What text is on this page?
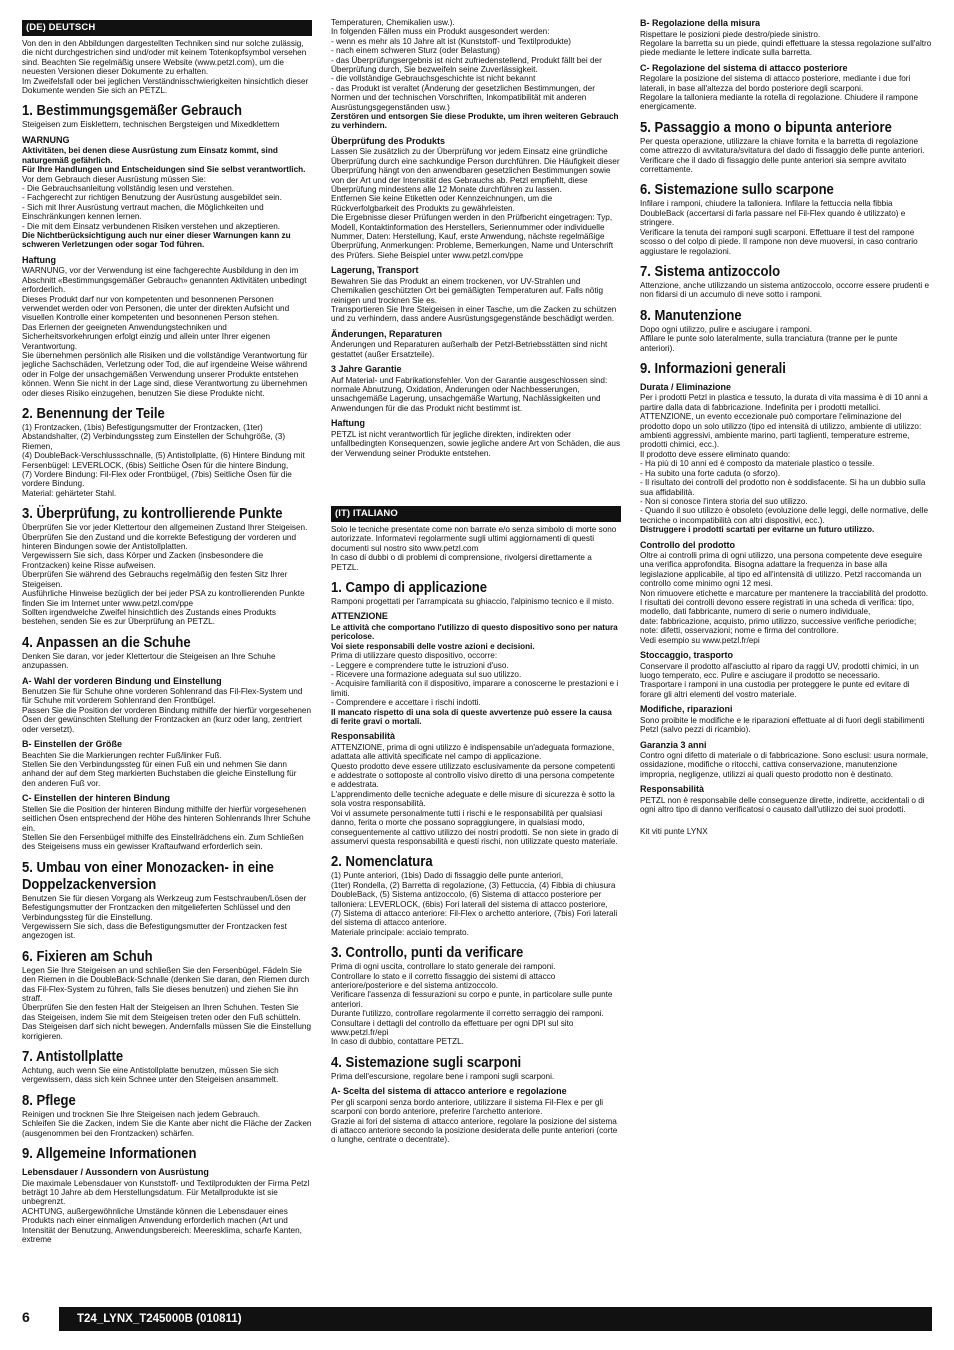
(DE) DEUTSCH

Von den in den Abbildungen dargestellten Techniken sind nur solche zulässig, die nicht durchgestrichen sind und/oder mit keinem Totenkopfsymbol versehen sind. Beachten Sie regelmäßig unsere Website (www.petzl.com), um die neuesten Versionen dieser Dokumente zu erhalten.

Im Zweifelsfall oder bei jeglichen Verständnisschwierigkeiten hinsichtlich dieser Dokumente wenden Sie sich an PETZL.

1. Bestimmungsgemäßer Gebrauch

Steigeisen zum Eisklettern, technischen Bergsteigen und Mixedklettern

WARNUNG

Aktivitäten, bei denen diese Ausrüstung zum Einsatz kommt, sind naturgemäß gefährlich.

Für Ihre Handlungen und Entscheidungen sind Sie selbst verantwortlich.

Vor dem Gebrauch dieser Ausrüstung müssen Sie:
- Die Gebrauchsanleitung vollständig lesen und verstehen.
- Fachgerecht zur richtigen Benutzung der Ausrüstung ausgebildet sein.
- Sich mit Ihrer Ausrüstung vertraut machen, die Möglichkeiten und Einschränkungen kennen lernen.
- Die mit dem Einsatz verbundenen Risiken verstehen und akzeptieren.

Die Nichtberücksichtigung auch nur einer dieser Warnungen kann zu schweren Verletzungen oder sogar Tod führen.

Haftung

WARNUNG, vor der Verwendung ist eine fachgerechte Ausbildung in den im Abschnitt «Bestimmungsgemäßer Gebrauch» genannten Aktivitäten unbedingt erforderlich.
Dieses Produkt darf nur von kompetenten und besonnenen Personen verwendet werden oder von Personen, die unter der direkten Aufsicht und visuellen Kontrolle einer kompetenten und besonnenen Person stehen.
Das Erlernen der geeigneten Anwendungstechniken und Sicherheitsvorkehrungen erfolgt einzig und allein unter Ihrer eigenen Verantwortung.
Sie übernehmen persönlich alle Risiken und die vollständige Verantwortung für jegliche Sachschäden, Verletzung oder Tod, die auf irgendeine Weise während oder in Folge der unsachgemäßen Verwendung unserer Produkte entstehen können. Wenn Sie nicht in der Lage sind, diese Verantwortung zu übernehmen oder dieses Risiko einzugehen, benutzen Sie diese Produkte nicht.

2. Benennung der Teile

(1) Frontzacken, (1bis) Befestigungsmutter der Frontzacken, (1ter) Abstandshalter, (2) Verbindungssteg zum Einstellen der Schuhgröße, (3) Riemen,
(4) DoubleBack-Verschlussschnalle, (5) Antistollplatte, (6) Hintere Bindung mit Fersenbügel: LEVERLOCK, (6bis) Seitliche Ösen für die hintere Bindung,
(7) Vordere Bindung: Fil-Flex oder Frontbügel, (7bis) Seitliche Ösen für die vordere Bindung.
Material: gehärteter Stahl.

3. Überprüfung, zu kontrollierende Punkte

Überprüfen Sie vor jeder Klettertour den allgemeinen Zustand Ihrer Steigeisen.
Überprüfen Sie den Zustand und die korrekte Befestigung der vorderen und hinteren Bindungen sowie der Antistollplatten.
Vergewissern Sie sich, dass Körper und Zacken (insbesondere die Frontzacken) keine Risse aufweisen.
Überprüfen Sie während des Gebrauchs regelmäßig den festen Sitz Ihrer Steigeisen.
Ausführliche Hinweise bezüglich der bei jeder PSA zu kontrollierenden Punkte finden Sie im Internet unter www.petzl.com/ppe
Sollten irgendwelche Zweifel hinsichtlich des Zustands eines Produkts bestehen, senden Sie es zur Überprüfung an PETZL.

4. Anpassen an die Schuhe

Denken Sie daran, vor jeder Klettertour die Steigeisen an Ihre Schuhe anzupassen.

A- Wahl der vorderen Bindung und Einstellung

Benutzen Sie für Schuhe ohne vorderen Sohlenrand das Fil-Flex-System und für Schuhe mit vorderem Sohlenrand den Frontbügel.
Passen Sie die Position der vorderen Bindung mithilfe der hierfür vorgesehenen Ösen der gewünschten Stellung der Frontzacken an (kurz oder lang, zentriert oder versetzt).

B- Einstellen der Größe

Beachten Sie die Markierungen rechter Fuß/linker Fuß.
Stellen Sie den Verbindungssteg für einen Fuß ein und nehmen Sie dann anhand der auf dem Steg markierten Buchstaben die gleiche Einstellung für den anderen Fuß vor.

C- Einstellen der hinteren Bindung

Stellen Sie die Position der hinteren Bindung mithilfe der hierfür vorgesehenen seitlichen Ösen entsprechend der Höhe des hinteren Sohlenrands Ihrer Schuhe ein.
Stellen Sie den Fersenbügel mithilfe des Einstellrädchens ein. Zum Schließen des Steigeisens muss ein gewisser Kraftaufwand erforderlich sein.

5. Umbau von einer Monozacken- in eine Doppelzackenversion

Benutzen Sie für diesen Vorgang als Werkzeug zum Festschrauben/Lösen der Befestigungsmutter der Frontzacken den mitgelieferten Schlüssel und den Verbindungssteg für die Einstellung.
Vergewissern Sie sich, dass die Befestigungsmutter der Frontzacken fest angezogen ist.

6. Fixieren am Schuh

Legen Sie Ihre Steigeisen an und schließen Sie den Fersenbügel. Fädeln Sie den Riemen in die DoubleBack-Schnalle (denken Sie daran, den Riemen durch das Fil-Flex-System zu führen, falls Sie dieses benutzen) und ziehen Sie ihn straff.
Überprüfen Sie den festen Halt der Steigeisen an Ihren Schuhen. Testen Sie das Steigeisen, indem Sie mit dem Steigeisen treten oder den Fuß schütteln. Das Steigeisen darf sich nicht bewegen. Andernfalls müssen Sie die Einstellung korrigieren.

7. Antistollplatte

Achtung, auch wenn Sie eine Antistollplatte benutzen, müssen Sie sich vergewissern, dass sich kein Schnee unter den Steigeisen ansammelt.

8. Pflege

Reinigen und trocknen Sie Ihre Steigeisen nach jedem Gebrauch.
Schleifen Sie die Zacken, indem Sie die Kante aber nicht die Fläche der Zacken (ausgenommen bei den Frontzacken) schärfen.

9. Allgemeine Informationen
Lebensdauer / Aussondern von Ausrüstung

Die maximale Lebensdauer von Kunststoff- und Textilprodukten der Firma Petzl beträgt 10 Jahre ab dem Herstellungsdatum. Für Metallprodukte ist sie unbegrenzt.
ACHTUNG, außergewöhnliche Umstände können die Lebensdauer eines Produkts nach einer einmaligen Anwendung erforderlich machen (Art und Intensität der Benutzung, Anwendungsbereich: Meeresklima, scharfe Kanten, extreme

Temperaturen, Chemikalien usw.).
In folgenden Fällen muss ein Produkt ausgesondert werden:
- wenn es mehr als 10 Jahre alt ist (Kunststoff- und Textilprodukte)
- nach einem schweren Sturz (oder Belastung)
- das Überprüfungsergebnis ist nicht zufriedenstellend, Produkt fällt bei der Überprüfung durch, Sie bezweifeln seine Zuverlässigkeit.
- die vollständige Gebrauchsgeschichte ist nicht bekannt
- das Produkt ist veraltet (Änderung der gesetzlichen Bestimmungen, der Normen und der technischen Vorschriften, Inkompatibilität mit anderen Ausrüstungsgegenständen usw.)

Zerstören und entsorgen Sie diese Produkte, um ihren weiteren Gebrauch zu verhindern.

Überprüfung des Produkts

Lassen Sie zusätzlich zu der Überprüfung vor jedem Einsatz eine gründliche Überprüfung durch eine sachkundige Person durchführen. Die Häufigkeit dieser Überprüfung hängt von den anwendbaren gesetzlichen Bestimmungen sowie von der Art und der Intensität des Gebrauchs ab. Petzl empfiehlt, diese Überprüfung mindestens alle 12 Monate durchführen zu lassen.
Entfernen Sie keine Etiketten oder Kennzeichnungen, um die Rückverfolgbarkeit des Produkts zu gewährleisten.
Die Ergebnisse dieser Prüfungen werden in den Prüfbericht eingetragen: Typ, Modell, Kontaktinformation des Herstellers, Seriennummer oder individuelle Nummer, Daten: Herstellung, Kauf, erste Anwendung, nächste regelmäßige Überprüfung, Anmerkungen: Probleme, Bemerkungen, Name und Unterschrift des Prüfers. Siehe Beispiel unter www.petzl.com/ppe

Lagerung, Transport

Bewahren Sie das Produkt an einem trockenen, vor UV-Strahlen und Chemikalien geschützten Ort bei gemäßigten Temperaturen auf. Falls nötig reinigen und trocknen Sie es.
Transportieren Sie Ihre Steigeisen in einer Tasche, um die Zacken zu schützen und zu verhindern, dass andere Ausrüstungsgegenstände beschädigt werden.

Änderungen, Reparaturen

Änderungen und Reparaturen außerhalb der Petzl-Betriebsstätten sind nicht gestattet (außer Ersatzteile).

3 Jahre Garantie

Auf Material- und Fabrikationsfehler. Von der Garantie ausgeschlossen sind: normale Abnutzung, Oxidation, Änderungen oder Nachbesserungen, unsachgemäße Lagerung, unsachgemäße Wartung, Nachlässigkeiten und Anwendungen für die das Produkt nicht bestimmt ist.

Haftung

PETZL ist nicht verantwortlich für jegliche direkten, indirekten oder unfallbedingten Konsequenzen, sowie jegliche andere Art von Schäden, die aus der Verwendung seiner Produkte entstehen.

(IT) ITALIANO

Solo le tecniche presentate come non barrate e/o senza simbolo di morte sono autorizzate. Informatevi regolarmente sugli ultimi aggiornamenti di questi documenti sul nostro sito www.petzl.com
In caso di dubbi o di problemi di comprensione, rivolgersi direttamente a PETZL.

1. Campo di applicazione

Ramponi progettati per l'arrampicata su ghiaccio, l'alpinismo tecnico e il misto.

ATTENZIONE

Le attività che comportano l'utilizzo di questo dispositivo sono per natura pericolose.

Voi siete responsabili delle vostre azioni e decisioni.

Prima di utilizzare questo dispositivo, occorre:
- Leggere e comprendere tutte le istruzioni d'uso.
- Ricevere una formazione adeguata sul suo utilizzo.
- Acquisire familiarità con il dispositivo, imparare a conoscerne le prestazioni e i limiti.
- Comprendere e accettare i rischi indotti.

Il mancato rispetto di una sola di queste avvertenze può essere la causa di ferite gravi o mortali.

Responsabilità

ATTENZIONE, prima di ogni utilizzo è indispensabile un'adeguata formazione, adattata alle attività specificate nel campo di applicazione.
Questo prodotto deve essere utilizzato esclusivamente da persone competenti e addestrate o sottoposte al controllo visivo diretto di una persona competente e addestrata.
L'apprendimento delle tecniche adeguate e delle misure di sicurezza è sotto la sola vostra responsabilità.
Voi vi assumete personalmente tutti i rischi e le responsabilità per qualsiasi danno, ferita o morte che possano sopraggiungere, in qualsiasi modo, conseguentemente al cattivo utilizzo dei nostri prodotti. Se non siete in grado di assumervi questa responsabilità e questi rischi, non utilizzate questo materiale.

2. Nomenclatura

(1) Punte anteriori, (1bis) Dado di fissaggio delle punte anteriori,
(1ter) Rondella, (2) Barretta di regolazione, (3) Fettuccia, (4) Fibbia di chiusura DoubleBack, (5) Sistema antizoccolo, (6) Sistema di attacco posteriore per talloniera: LEVERLOCK, (6bis) Fori laterali del sistema di attacco posteriore,
(7) Sistema di attacco anteriore: Fil-Flex o archetto anteriore, (7bis) Fori laterali del sistema di attacco anteriore.
Materiale principale: acciaio temprato.

3. Controllo, punti da verificare

Prima di ogni uscita, controllare lo stato generale dei ramponi.
Controllare lo stato e il corretto fissaggio dei sistemi di attacco anteriore/posteriore e del sistema antizoccolo.
Verificare l'assenza di fessurazioni su corpo e punte, in particolare sulle punte anteriori.
Durante l'utilizzo, controllare regolarmente il corretto serraggio dei ramponi.
Consultare i dettagli del controllo da effettuare per ogni DPI sul sito www.petzl.fr/epi
In caso di dubbio, contattare PETZL.

4. Sistemazione sugli scarponi

Prima dell'escursione, regolare bene i ramponi sugli scarponi.

A- Scelta del sistema di attacco anteriore e regolazione

Per gli scarponi senza bordo anteriore, utilizzare il sistema Fil-Flex e per gli scarponi con bordo anteriore, preferire l'archetto anteriore.
Grazie ai fori del sistema di attacco anteriore, regolare la posizione del sistema di attacco anteriore secondo la posizione desiderata delle punte anteriori (corte o lunghe, centrate o decentrate).

B- Regolazione della misura

Rispettare le posizioni piede destro/piede sinistro.
Regolare la barretta su un piede, quindi effettuare la stessa regolazione sull'altro piede mediante le lettere indicate sulla barretta.

C- Regolazione del sistema di attacco posteriore

Regolare la posizione del sistema di attacco posteriore, mediante i due fori laterali, in base all'altezza del bordo posteriore degli scarponi.
Regolare la talloniera mediante la rotella di regolazione. Chiudere il rampone energicamente.

5. Passaggio a mono o bipunta anteriore

Per questa operazione, utilizzare la chiave fornita e la barretta di regolazione come attrezzo di avvitatura/svitatura del dado di fissaggio delle punte anteriori.
Verificare che il dado di fissaggio delle punte anteriori sia sempre avvitato correttamente.

6. Sistemazione sullo scarpone

Infilare i ramponi, chiudere la talloniera. Infilare la fettuccia nella fibbia DoubleBack (accertarsi di farla passare nel Fil-Flex quando è utilizzato) e stringere.
Verificare la tenuta dei ramponi sugli scarponi. Effettuare il test del rampone scosso o del colpo di piede. Il rampone non deve muoversi, in caso contrario aggiustare le regolazioni.

7. Sistema antizoccolo

Attenzione, anche utilizzando un sistema antizoccolo, occorre essere prudenti e non fidarsi di un accumulo di neve sotto i ramponi.

8. Manutenzione

Dopo ogni utilizzo, pulire e asciugare i ramponi.
Affilare le punte solo lateralmente, sulla tranciatura (tranne per le punte anteriori).

9. Informazioni generali
Durata / Eliminazione

Per i prodotti Petzl in plastica e tessuto, la durata di vita massima è di 10 anni a partire dalla data di fabbricazione. Indefinita per i prodotti metallici.
ATTENZIONE, un evento eccezionale può comportare l'eliminazione del prodotto dopo un solo utilizzo (tipo ed intensità di utilizzo, ambiente di utilizzo: ambienti aggressivi, ambiente marino, parti taglienti, temperature estreme, prodotti chimici, ecc.).
Il prodotto deve essere eliminato quando:
- Ha più di 10 anni ed è composto da materiale plastico o tessile.
- Ha subito una forte caduta (o sforzo).
- Il risultato dei controlli del prodotto non è soddisfacente. Si ha un dubbio sulla sua affidabilità.
- Non si conosce l'intera storia del suo utilizzo.
- Quando il suo utilizzo è obsoleto (evoluzione delle leggi, delle normative, delle tecniche o incompatibilità con altri dispositivi, ecc.).

Distruggere i prodotti scartati per evitarne un futuro utilizzo.

Controllo del prodotto

Oltre ai controlli prima di ogni utilizzo, una persona competente deve eseguire una verifica approfondita. Bisogna adattare la frequenza in base alla legislazione applicabile, al tipo ed all'intensità di utilizzo. Petzl raccomanda un controllo come minimo ogni 12 mesi.
Non rimuovere etichette e marcature per mantenere la tracciabilità del prodotto.
I risultati dei controlli devono essere registrati in una scheda di verifica: tipo, modello, dati fabbricante, numero di serie o numero individuale,
date: fabbricazione, acquisto, primo utilizzo, successive verifiche periodiche; note: difetti, osservazioni; nome e firma del controllore.
Vedi esempio su www.petzl.fr/epi

Stoccaggio, trasporto

Conservare il prodotto all'asciutto al riparo da raggi UV, prodotti chimici, in un luogo temperato, ecc. Pulire e asciugare il prodotto se necessario.
Trasportare i ramponi in una custodia per proteggere le punte ed evitare di forare gli altri elementi del vostro materiale.

Modifiche, riparazioni

Sono proibite le modifiche e le riparazioni effettuate al di fuori degli stabilimenti Petzl (salvo pezzi di ricambio).

Garanzia 3 anni

Contro ogni difetto di materiale o di fabbricazione. Sono esclusi: usura normale, ossidazione, modifiche o ritocchi, cattiva conservazione, manutenzione impropria, negligenze, utilizzi ai quali questo prodotto non è destinato.

Responsabilità

PETZL non è responsabile delle conseguenze dirette, indirette, accidentali o di ogni altro tipo di danno verificatosi o causato dall'utilizzo dei suoi prodotti.

Kit viti punte LYNX

6	T24_LYNX_T245000B (010811)
